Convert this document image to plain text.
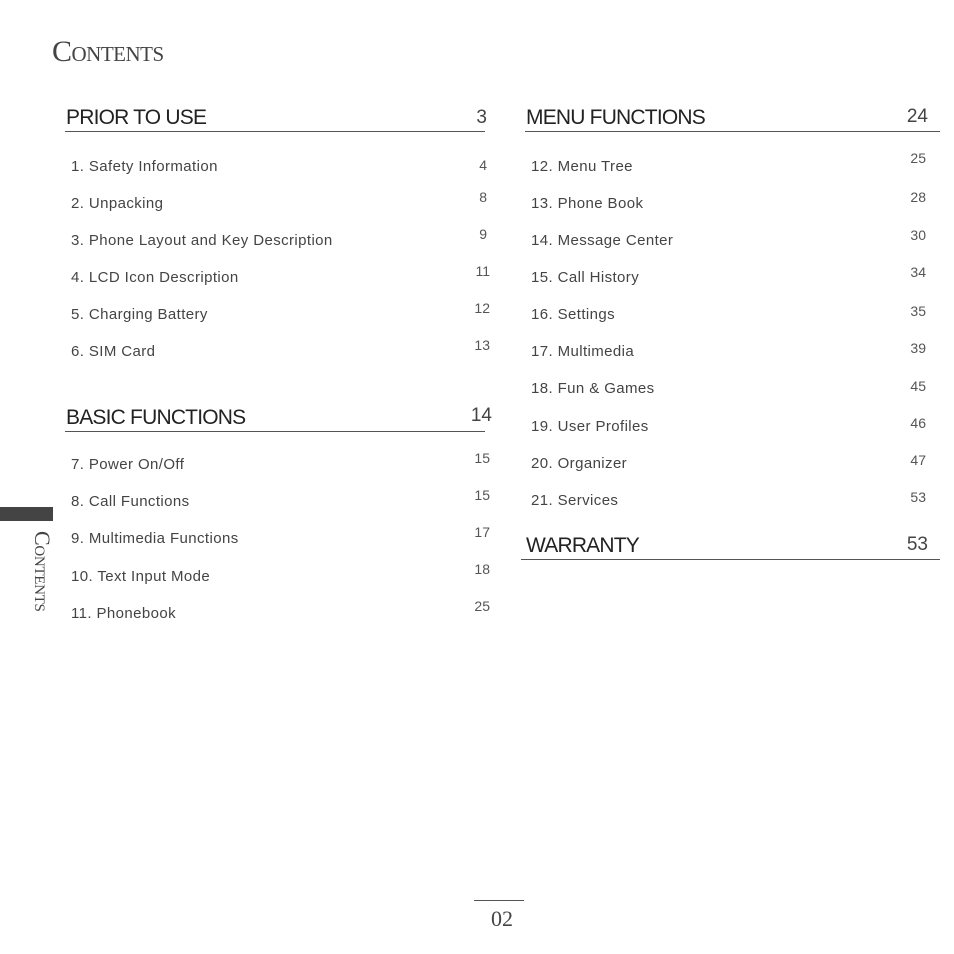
Contents
PRIOR TO USE	3
1. Safety Information	4
2. Unpacking	8
3. Phone Layout and Key Description	9
4. LCD Icon Description	11
5. Charging Battery	12
6. SIM Card	13
BASIC FUNCTIONS	14
7. Power On/Off	15
8. Call Functions	15
9. Multimedia Functions	17
10. Text Input Mode	18
11. Phonebook	25
MENU FUNCTIONS	24
12. Menu Tree	25
13. Phone Book	28
14. Message Center	30
15. Call History	34
16. Settings	35
17. Multimedia	39
18. Fun & Games	45
19. User Profiles	46
20. Organizer	47
21. Services	53
WARRANTY	53
Contents
02
